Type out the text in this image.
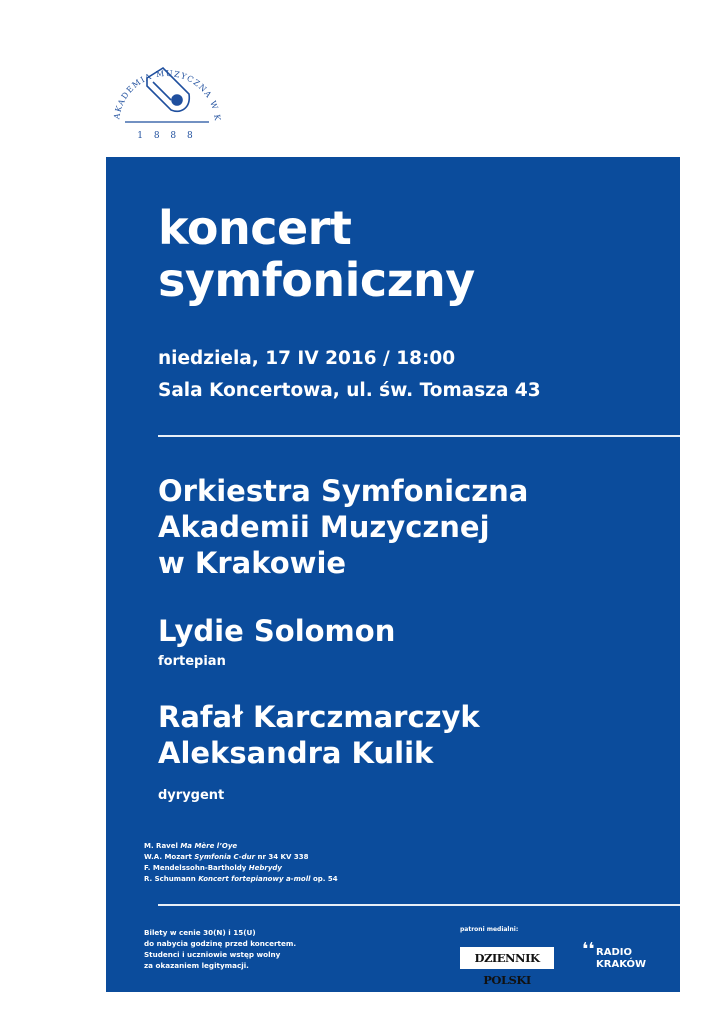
AKADEMIA MUZYCZNA W K
1 8 8 8
koncert
symfoniczny
niedziela, 17 IV 2016 / 18:00
Sala Koncertowa, ul. św. Tomasza 43
Orkiestra Symfoniczna
Akademii Muzycznej
w Krakowie
Lydie Solomon
fortepian
Rafał Karczmarczyk
Aleksandra Kulik
dyrygent
M. Ravel Ma Mère l’Oye
W.A. Mozart Symfonia C-dur nr 34 KV 338
F. Mendelssohn-Bartholdy Hebrydy
R. Schumann Koncert fortepianowy a-moll op. 54
Bilety w cenie 30(N) i 15(U)
do nabycia godzinę przed koncertem.
Studenci i uczniowie wstęp wolny
za okazaniem legitymacji.
patroni medialni:
DZIENNIK POLSKI
❛❛ RADIO
KRAKÓW
